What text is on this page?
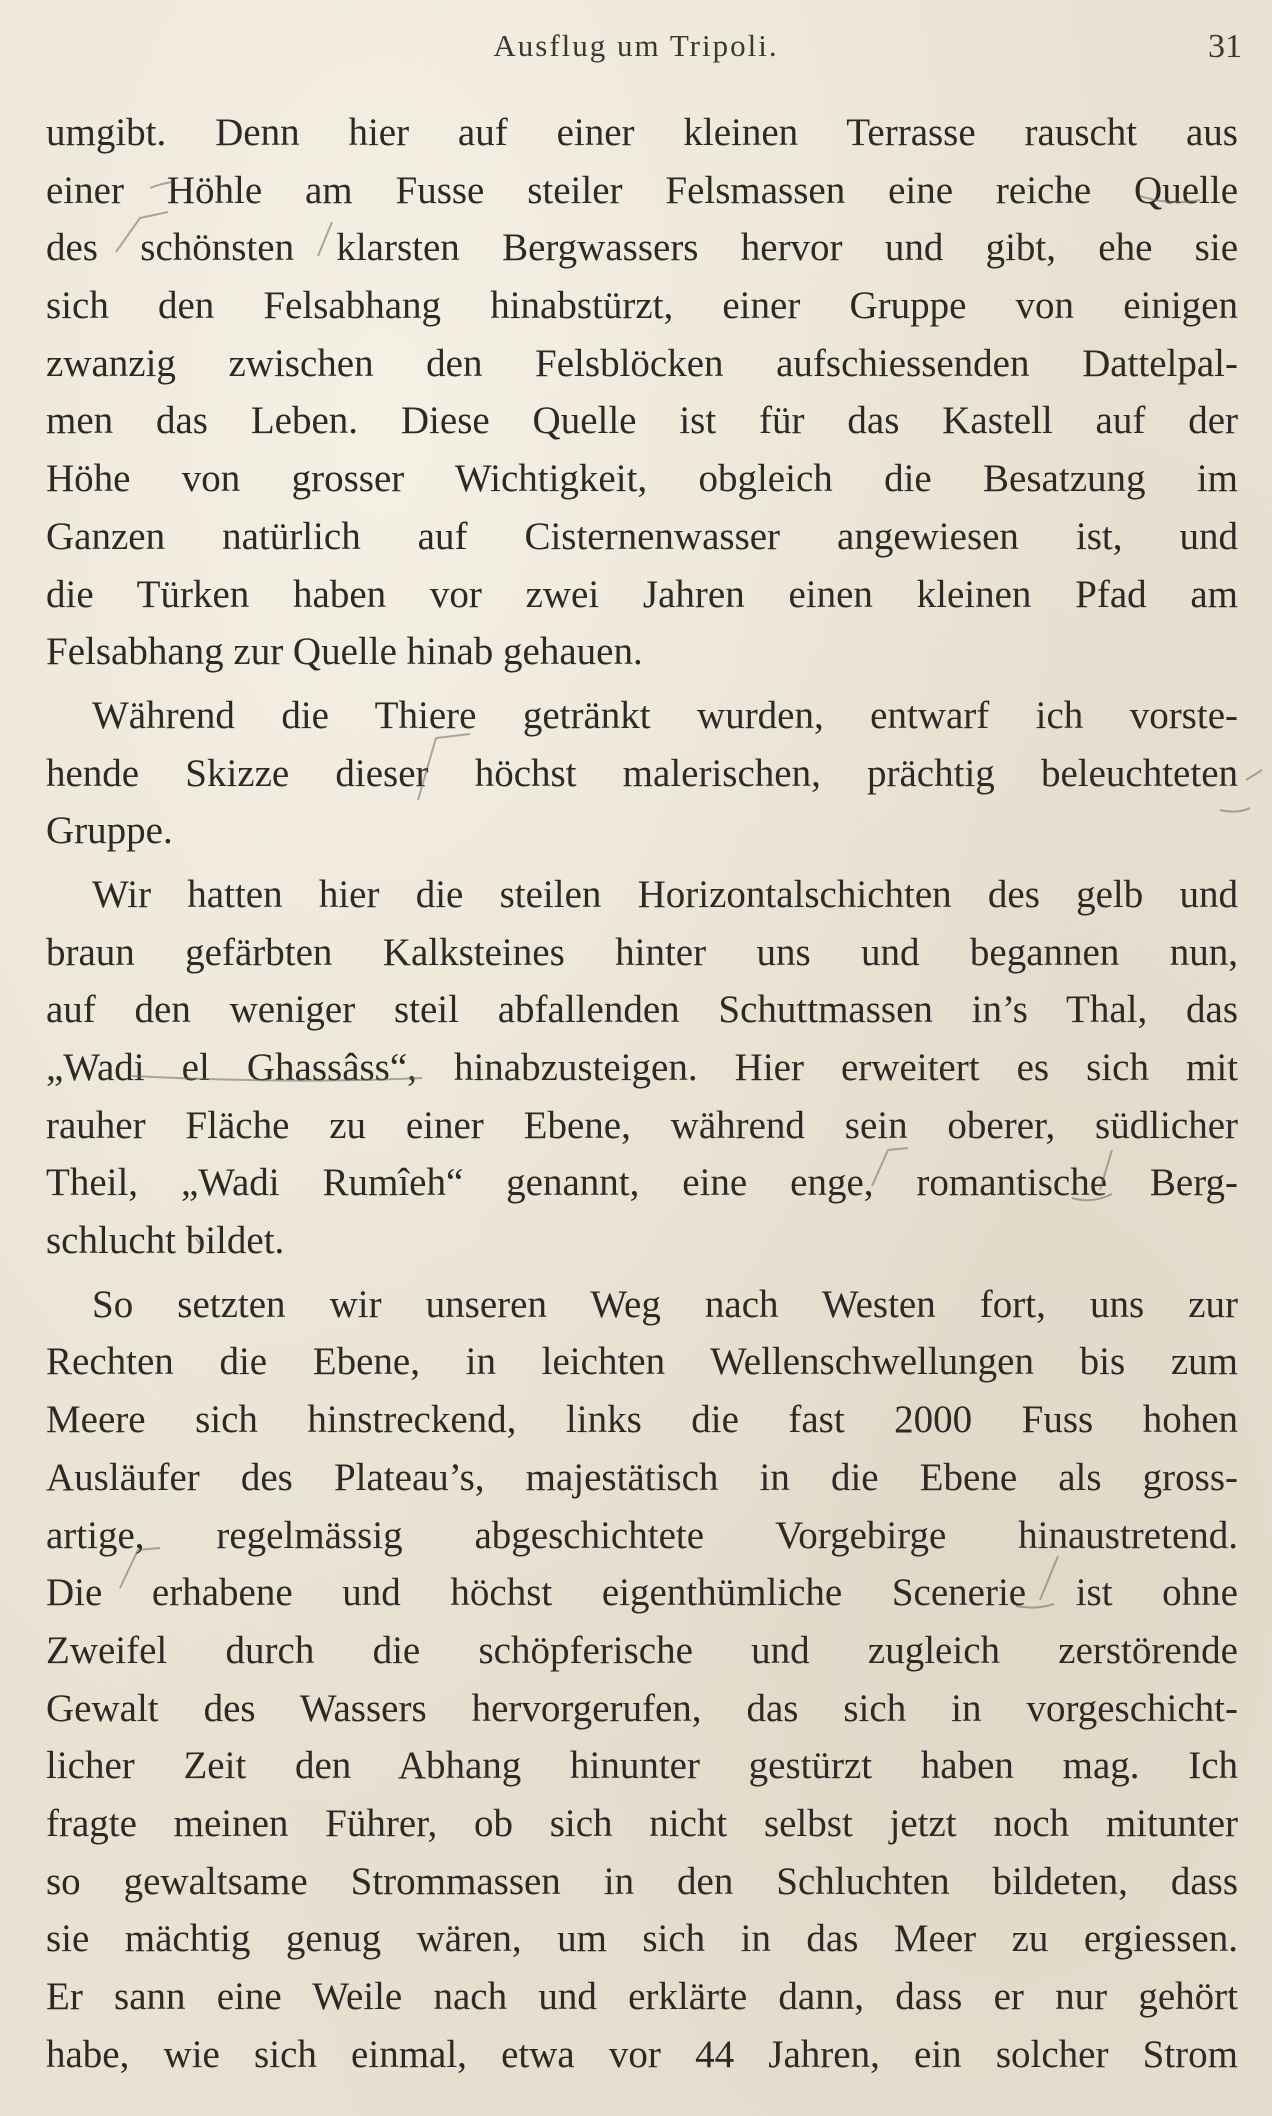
Ausflug um Tripoli.	31
umgibt. Denn hier auf einer kleinen Terrasse rauscht aus
einer Höhle am Fusse steiler Felsmassen eine reiche Quelle
des schönsten klarsten Bergwassers hervor und gibt, ehe sie
sich den Felsabhang hinabstürzt, einer Gruppe von einigen
zwanzig zwischen den Felsblöcken aufschiessenden Dattelpal-
men das Leben. Diese Quelle ist für das Kastell auf der
Höhe von grosser Wichtigkeit, obgleich die Besatzung im
Ganzen natürlich auf Cisternenwasser angewiesen ist, und
die Türken haben vor zwei Jahren einen kleinen Pfad am
Felsabhang zur Quelle hinab gehauen.
Während die Thiere getränkt wurden, entwarf ich vorste-
hende Skizze dieser höchst malerischen, prächtig beleuchteten
Gruppe.
Wir hatten hier die steilen Horizontalschichten des gelb und
braun gefärbten Kalksteines hinter uns und begannen nun,
auf den weniger steil abfallenden Schuttmassen in’s Thal, das
„Wadi el Ghassâss“, hinabzusteigen. Hier erweitert es sich mit
rauher Fläche zu einer Ebene, während sein oberer, südlicher
Theil, „Wadi Rumîeh“ genannt, eine enge, romantische Berg-
schlucht bildet.
So setzten wir unseren Weg nach Westen fort, uns zur
Rechten die Ebene, in leichten Wellenschwellungen bis zum
Meere sich hinstreckend, links die fast 2000 Fuss hohen
Ausläufer des Plateau’s, majestätisch in die Ebene als gross-
artige, regelmässig abgeschichtete Vorgebirge hinaustretend.
Die erhabene und höchst eigenthümliche Scenerie ist ohne
Zweifel durch die schöpferische und zugleich zerstörende
Gewalt des Wassers hervorgerufen, das sich in vorgeschicht-
licher Zeit den Abhang hinunter gestürzt haben mag. Ich
fragte meinen Führer, ob sich nicht selbst jetzt noch mitunter
so gewaltsame Strommassen in den Schluchten bildeten, dass
sie mächtig genug wären, um sich in das Meer zu ergiessen.
Er sann eine Weile nach und erklärte dann, dass er nur gehört
habe, wie sich einmal, etwa vor 44 Jahren, ein solcher Strom
